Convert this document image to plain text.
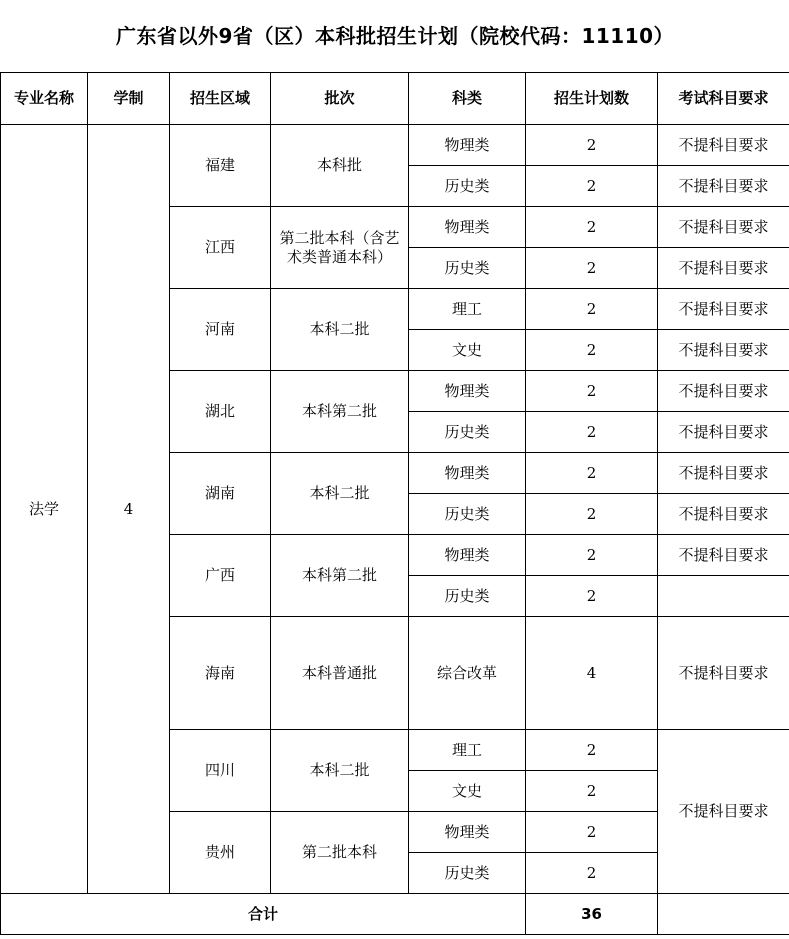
广东省以外9省（区）本科批招生计划（院校代码：11110）						
专业名称	学制	招生区域	批次	科类	招生计划数	考试科目要求
法学	4	福建	本科批	物理类	2	不提科目要求
				历史类	2	不提科目要求
		江西	第二批本科（含艺术类普通本科）	物理类	2	不提科目要求
				历史类	2	不提科目要求
		河南	本科二批	理工	2	不提科目要求
				文史	2	不提科目要求
		湖北	本科第二批	物理类	2	不提科目要求
				历史类	2	不提科目要求
		湖南	本科二批	物理类	2	不提科目要求
				历史类	2	不提科目要求
		广西	本科第二批	物理类	2	不提科目要求
				历史类	2	
		海南	本科普通批	综合改革	4	不提科目要求
		四川	本科二批	理工	2	不提科目要求
				文史	2	
		贵州	第二批本科	物理类	2	
				历史类	2	
合计					36	
